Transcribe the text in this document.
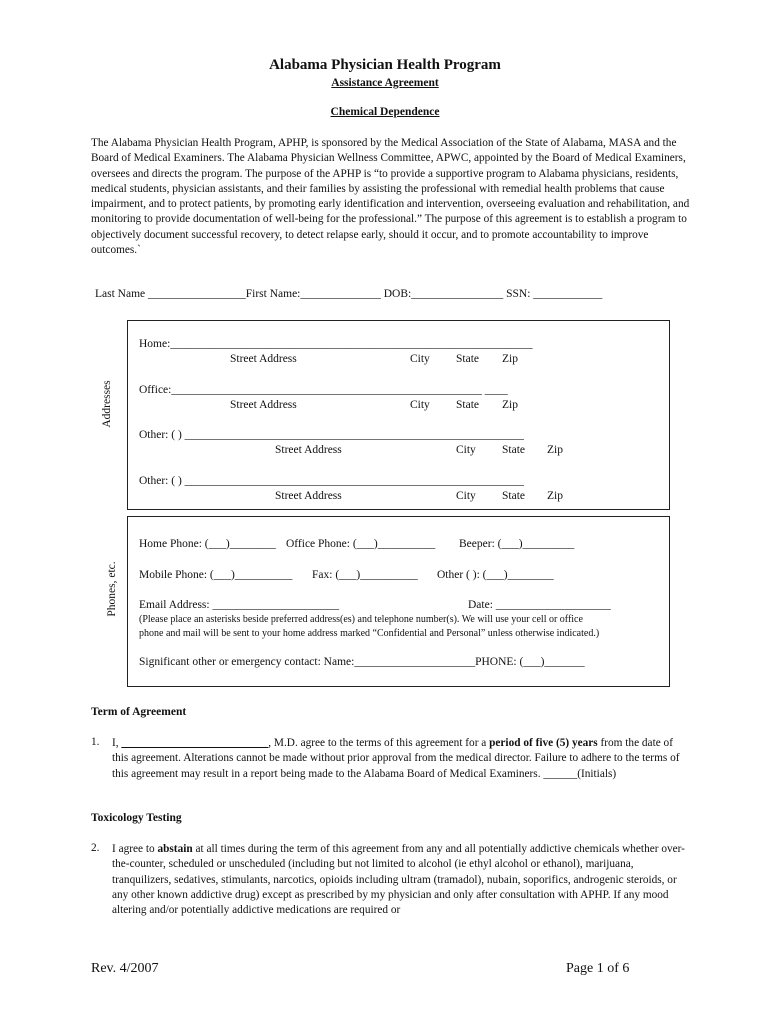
Alabama Physician Health Program
Assistance Agreement
Chemical Dependence
The Alabama Physician Health Program, APHP, is sponsored by the Medical Association of the State of Alabama, MASA and the Board of Medical Examiners. The Alabama Physician Wellness Committee, APWC, appointed by the Board of Medical Examiners, oversees and directs the program. The purpose of the APHP is “to provide a supportive program to Alabama physicians, residents, medical students, physician assistants, and their families by assisting the professional with remedial health problems that cause impairment, and to protect patients, by promoting early identification and intervention, overseeing evaluation and rehabilitation, and monitoring to provide documentation of well-being for the professional.” The purpose of this agreement is to establish a program to objectively document successful recovery, to detect relapse early, should it occur, and to promote accountability to improve outcomes.`
Last Name _________________First Name:______________ DOB:________________ SSN: ____________
Addresses
Home:_______________________________________________________________
Street Address	City State Zip
Office:______________________________________________________ ____
Street Address	City State Zip
Other: ( ) ___________________________________________________________
Street Address	City State Zip
Other: ( ) ___________________________________________________________
Street Address	City State Zip
Phones, etc.
Home Phone: (___)________ Office Phone: (___)__________ Beeper: (___)_________
Mobile Phone: (___)__________ Fax: (___)__________ Other ( ): (___)________
Email Address: ______________________	Date: ____________________
(Please place an asterisks beside preferred address(es) and telephone number(s). We will use your cell or office
phone and mail will be sent to your home address marked “Confidential and Personal” unless otherwise indicated.)
Significant other or emergency contact: Name:_____________________PHONE: (___)_______
Term of Agreement
1. I, __________________________, M.D. agree to the terms of this agreement for a period of five (5) years from the date of this agreement. Alterations cannot be made without prior approval from the medical director. Failure to adhere to the terms of this agreement may result in a report being made to the Alabama Board of Medical Examiners. ______(Initials)
Toxicology Testing
2. I agree to abstain at all times during the term of this agreement from any and all potentially addictive chemicals whether over-the-counter, scheduled or unscheduled (including but not limited to alcohol (ie ethyl alcohol or ethanol), marijuana, tranquilizers, sedatives, stimulants, narcotics, opioids including ultram (tramadol), nubain, soporifics, androgenic steroids, or any other known addictive drug) except as prescribed by my physician and only after consultation with APHP. If any mood altering and/or potentially addictive medications are required or
Rev. 4/2007	Page 1 of 6
